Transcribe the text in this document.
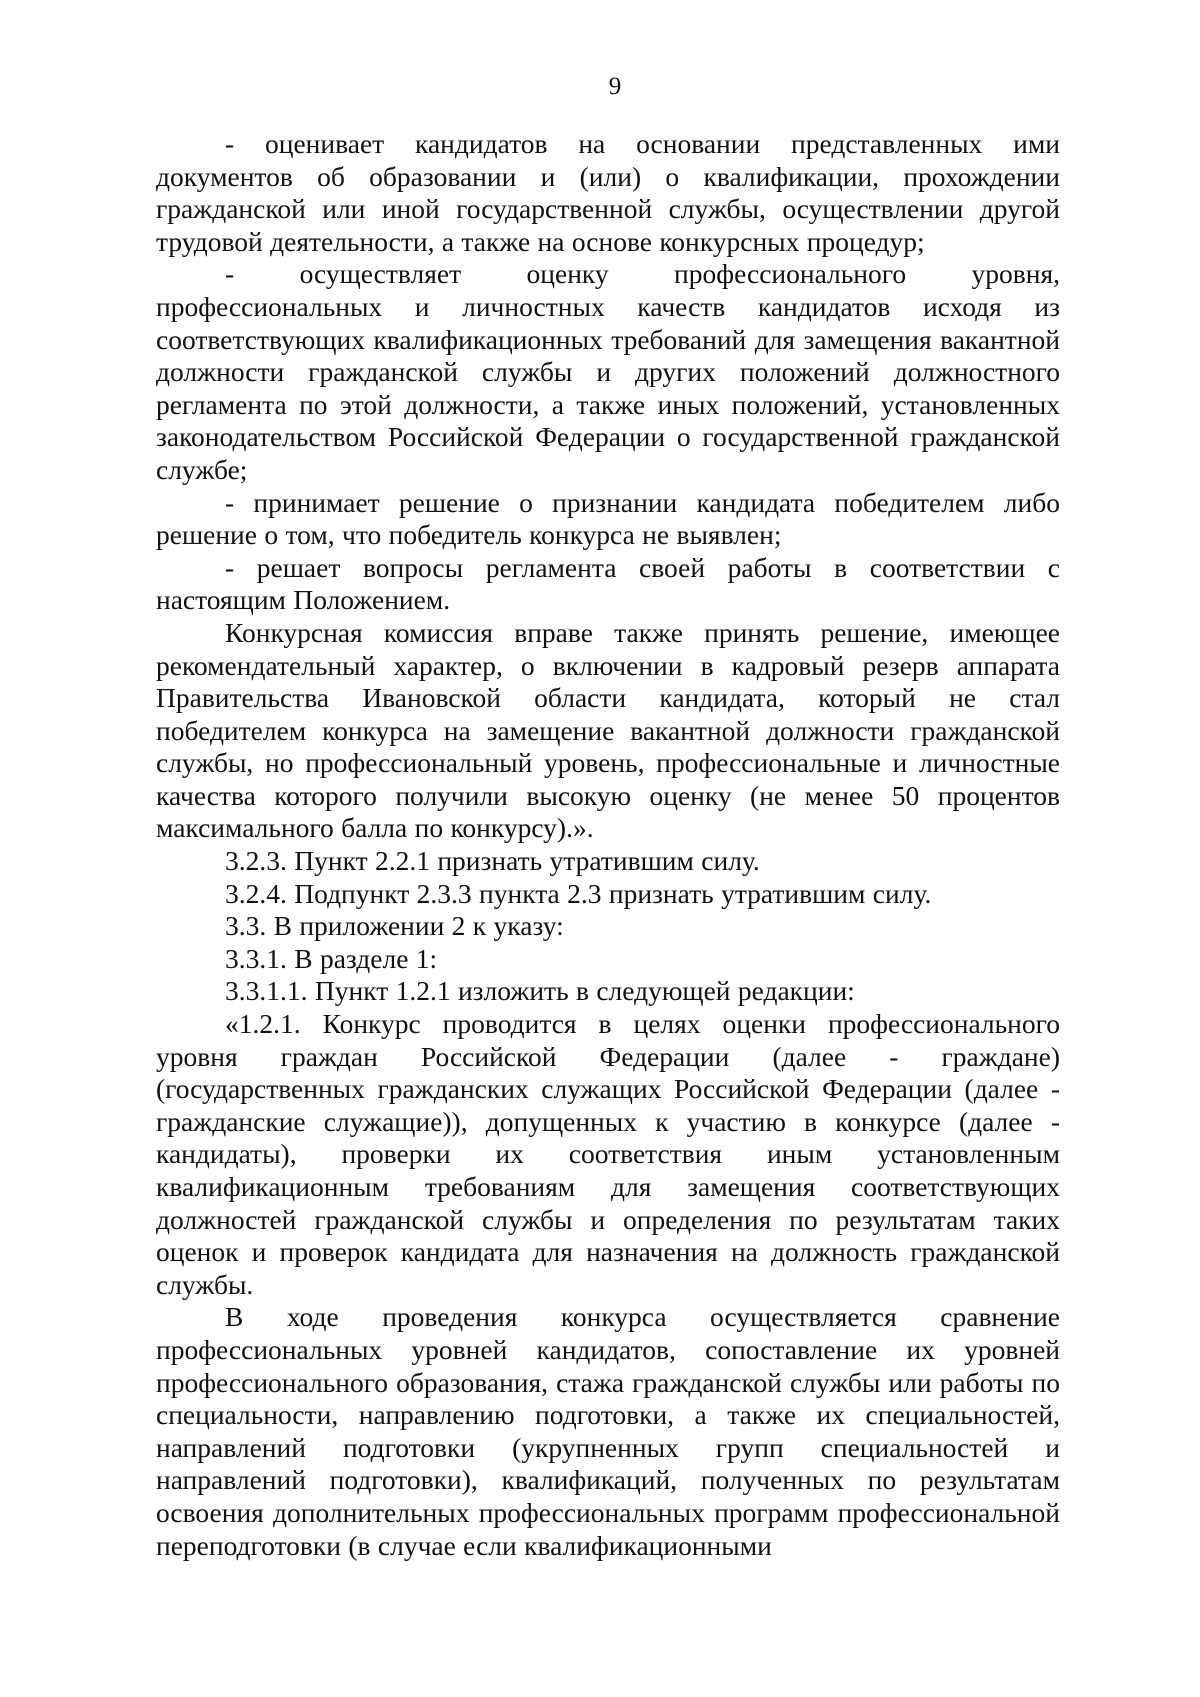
9

- оценивает кандидатов на основании представленных ими документов об образовании и (или) о квалификации, прохождении гражданской или иной государственной службы, осуществлении другой трудовой деятельности, а также на основе конкурсных процедур;

- осуществляет оценку профессионального уровня, профессиональных и личностных качеств кандидатов исходя из соответствующих квалификационных требований для замещения вакантной должности гражданской службы и других положений должностного регламента по этой должности, а также иных положений, установленных законодательством Российской Федерации о государственной гражданской службе;

- принимает решение о признании кандидата победителем либо решение о том, что победитель конкурса не выявлен;

- решает вопросы регламента своей работы в соответствии с настоящим Положением.

Конкурсная комиссия вправе также принять решение, имеющее рекомендательный характер, о включении в кадровый резерв аппарата Правительства Ивановской области кандидата, который не стал победителем конкурса на замещение вакантной должности гражданской службы, но профессиональный уровень, профессиональные и личностные качества которого получили высокую оценку (не менее 50 процентов максимального балла по конкурсу).».

3.2.3. Пункт 2.2.1 признать утратившим силу.

3.2.4. Подпункт 2.3.3 пункта 2.3 признать утратившим силу.

3.3. В приложении 2 к указу:

3.3.1. В разделе 1:

3.3.1.1. Пункт 1.2.1 изложить в следующей редакции:

«1.2.1. Конкурс проводится в целях оценки профессионального уровня граждан Российской Федерации (далее - граждане) (государственных гражданских служащих Российской Федерации (далее - гражданские служащие)), допущенных к участию в конкурсе (далее - кандидаты), проверки их соответствия иным установленным квалификационным требованиям для замещения соответствующих должностей гражданской службы и определения по результатам таких оценок и проверок кандидата для назначения на должность гражданской службы.

В ходе проведения конкурса осуществляется сравнение профессиональных уровней кандидатов, сопоставление их уровней профессионального образования, стажа гражданской службы или работы по специальности, направлению подготовки, а также их специальностей, направлений подготовки (укрупненных групп специальностей и направлений подготовки), квалификаций, полученных по результатам освоения дополнительных профессиональных программ профессиональной переподготовки (в случае если квалификационными
